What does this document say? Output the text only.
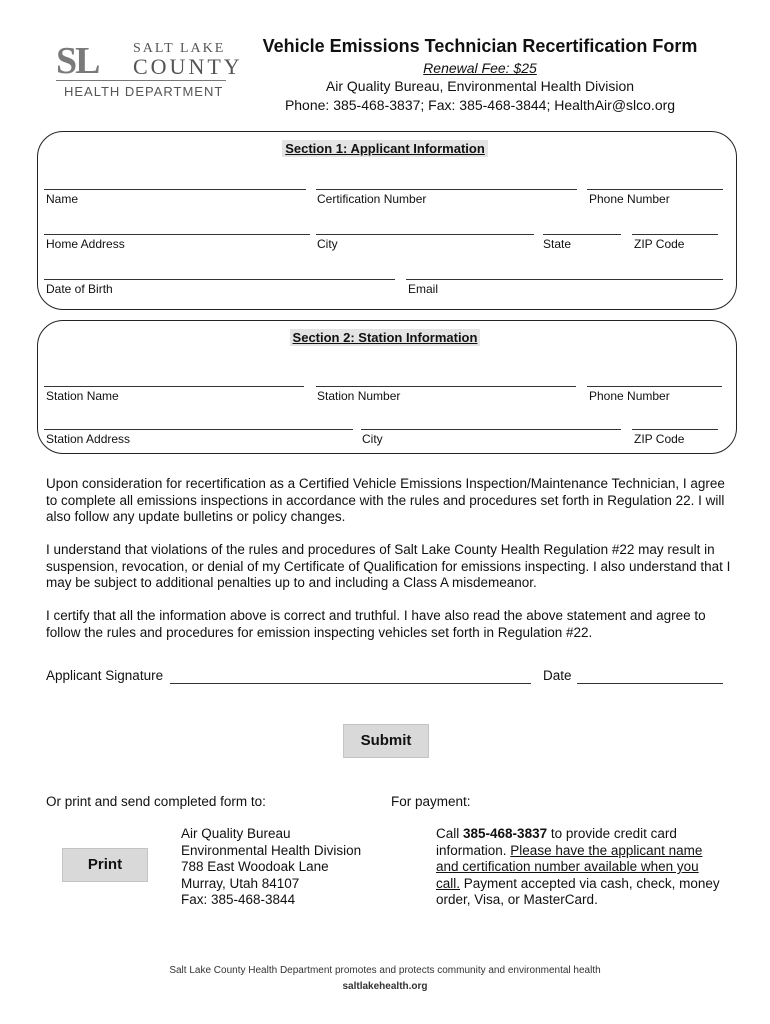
SL SALT LAKE
COUNTY
HEALTH DEPARTMENT
Vehicle Emissions Technician Recertification Form
Renewal Fee: $25
Air Quality Bureau, Environmental Health Division
Phone: 385-468-3837; Fax: 385-468-3844; HealthAir@slco.org
Section 1: Applicant Information
Name	Certification Number	Phone Number
Home Address	City	State	ZIP Code
Date of Birth	Email
Section 2: Station Information
Station Name	Station Number	Phone Number
Station Address	City	ZIP Code
Upon consideration for recertification as a Certified Vehicle Emissions Inspection/Maintenance Technician, I agree to complete all emissions inspections in accordance with the rules and procedures set forth in Regulation 22. I will also follow any update bulletins or policy changes.
I understand that violations of the rules and procedures of Salt Lake County Health Regulation #22 may result in suspension, revocation, or denial of my Certificate of Qualification for emissions inspecting. I also understand that I may be subject to additional penalties up to and including a Class A misdemeanor.
I certify that all the information above is correct and truthful. I have also read the above statement and agree to follow the rules and procedures for emission inspecting vehicles set forth in Regulation #22.
Applicant Signature	Date
Submit
Or print and send completed form to:	For payment:
Print
Air Quality Bureau
Environmental Health Division
788 East Woodoak Lane
Murray, Utah 84107
Fax: 385-468-3844
Call 385-468-3837 to provide credit card information. Please have the applicant name and certification number available when you call. Payment accepted via cash, check, money order, Visa, or MasterCard.
Salt Lake County Health Department promotes and protects community and environmental health
saltlakehealth.org
